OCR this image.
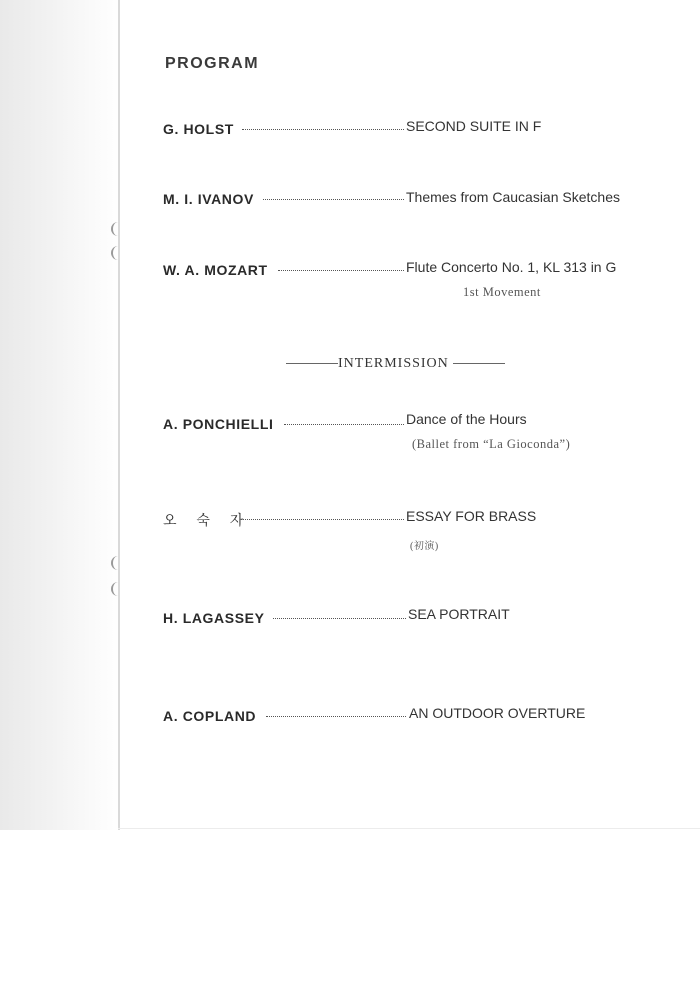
PROGRAM
G. HOLST	SECOND SUITE IN F
M. I. IVANOV	Themes from Caucasian Sketches
W. A. MOZART	Flute Concerto No. 1, KL 313 in G
1st Movement
INTERMISSION
A. PONCHIELLI	Dance of the Hours
(Ballet from “La Gioconda”)
오 숙 자	ESSAY FOR BRASS
(初演)
H. LAGASSEY	SEA PORTRAIT
A. COPLAND	AN OUTDOOR OVERTURE
